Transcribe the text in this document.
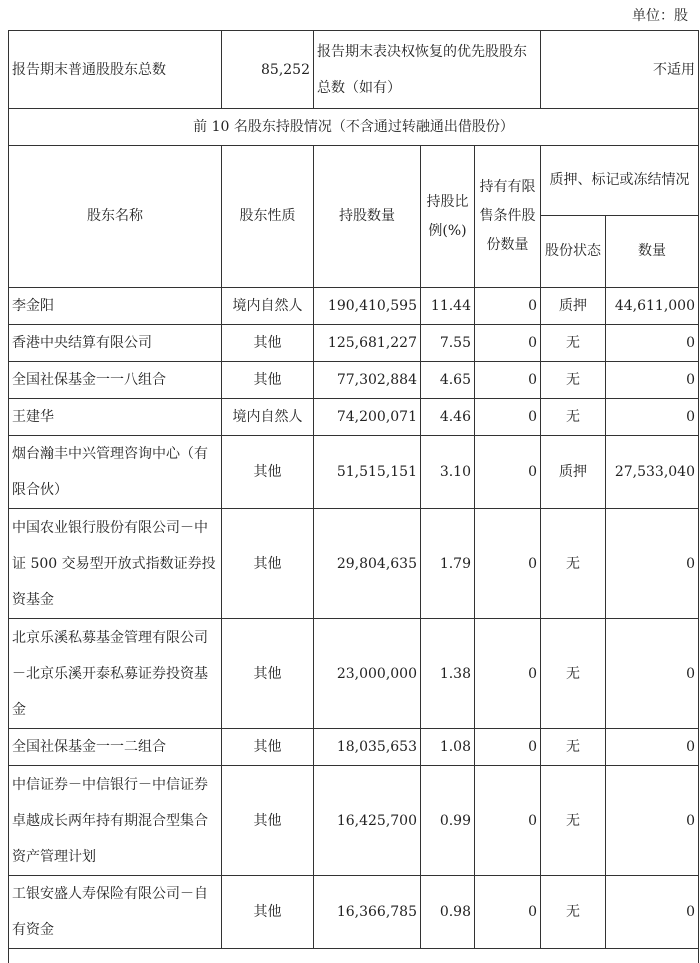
单位：股
报告期末普通股股东总数	85,252	报告期末表决权恢复的优先股股东总数（如有）			不适用	
前 10 名股东持股情况（不含通过转融通出借股份）						
股东名称	股东性质	持股数量	持股比例(%)	持有有限售条件股份数量	质押、标记或冻结情况	
					股份状态	数量
李金阳	境内自然人	190,410,595	11.44	0	质押	44,611,000
香港中央结算有限公司	其他	125,681,227	7.55	0	无	0
全国社保基金一一八组合	其他	77,302,884	4.65	0	无	0
王建华	境内自然人	74,200,071	4.46	0	无	0
烟台瀚丰中兴管理咨询中心（有限合伙）	其他	51,515,151	3.10	0	质押	27,533,040
中国农业银行股份有限公司－中证 500 交易型开放式指数证券投资基金	其他	29,804,635	1.79	0	无	0
北京乐溪私募基金管理有限公司－北京乐溪开泰私募证券投资基金	其他	23,000,000	1.38	0	无	0
全国社保基金一一二组合	其他	18,035,653	1.08	0	无	0
中信证券－中信银行－中信证券卓越成长两年持有期混合型集合资产管理计划	其他	16,425,700	0.99	0	无	0
工银安盛人寿保险有限公司－自有资金	其他	16,366,785	0.98	0	无	0
